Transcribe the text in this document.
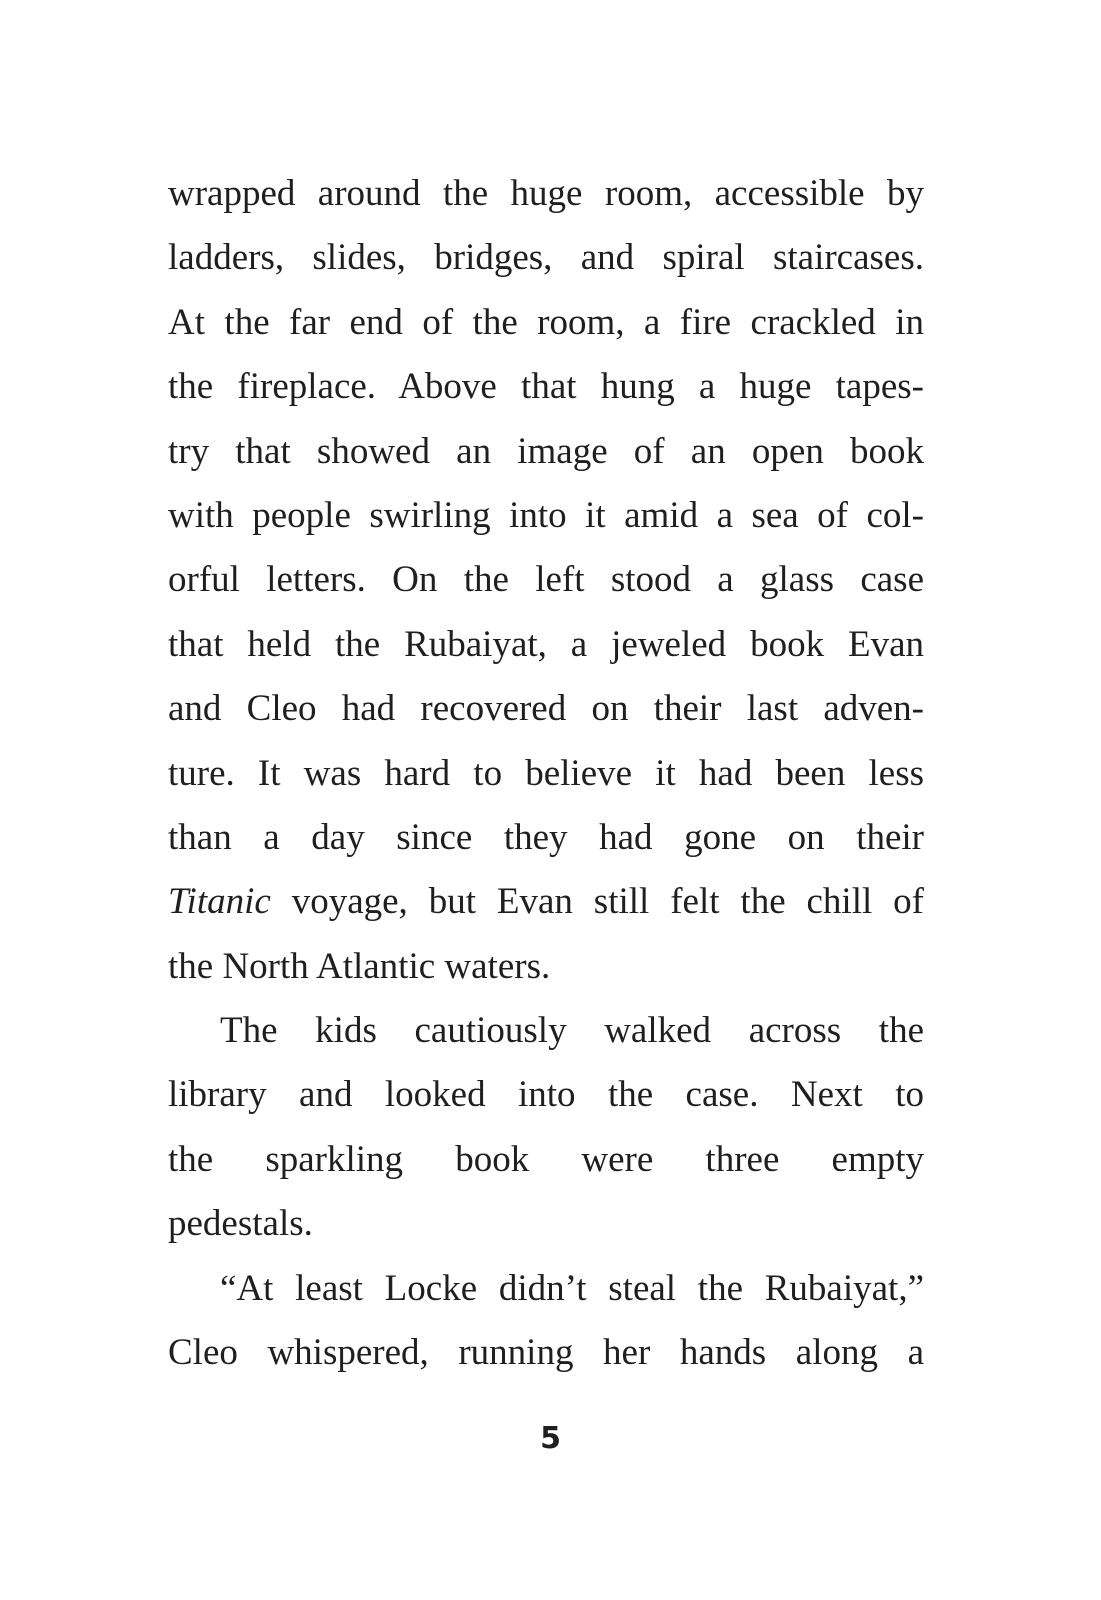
wrapped around the huge room, accessible by
ladders, slides, bridges, and spiral staircases.
At the far end of the room, a fire crackled in
the fireplace. Above that hung a huge tapes-
try that showed an image of an open book
with people swirling into it amid a sea of col-
orful letters. On the left stood a glass case
that held the Rubaiyat, a jeweled book Evan
and Cleo had recovered on their last adven-
ture. It was hard to believe it had been less
than a day since they had gone on their
Titanic voyage, but Evan still felt the chill of
the North Atlantic waters.
The kids cautiously walked across the
library and looked into the case. Next to
the sparkling book were three empty
pedestals.
“At least Locke didn’t steal the Rubaiyat,”
Cleo whispered, running her hands along a
5
